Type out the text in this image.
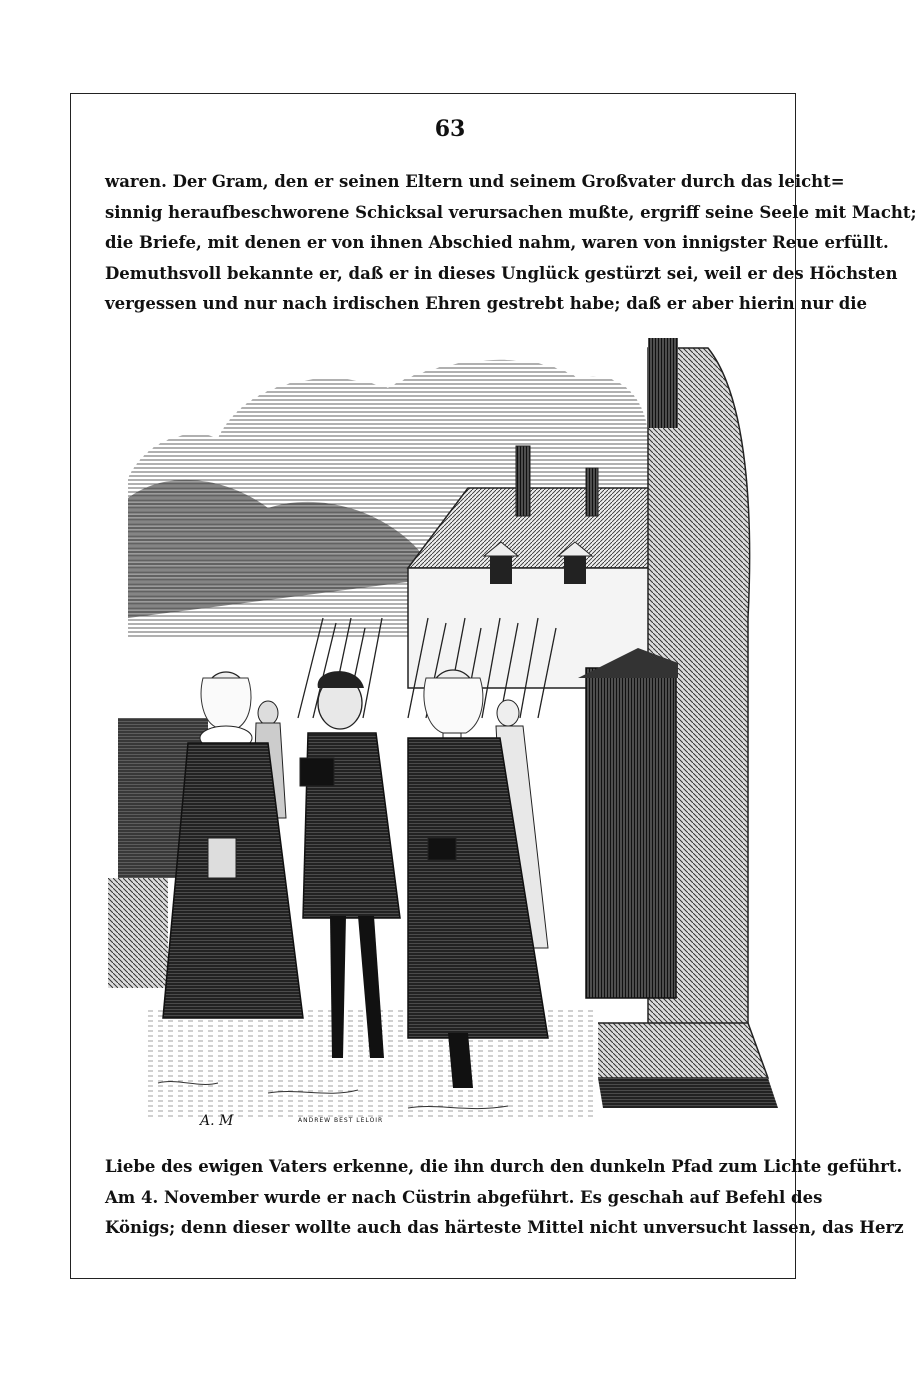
63
waren. Der Gram, den er seinen Eltern und seinem Großvater durch das leicht=
sinnig heraufbeschworene Schicksal verursachen mußte, ergriff seine Seele mit Macht;
die Briefe, mit denen er von ihnen Abschied nahm, waren von innigster Reue erfüllt.
Demuthsvoll bekannte er, daß er in dieses Unglück gestürzt sei, weil er des Höchsten
vergessen und nur nach irdischen Ehren gestrebt habe; daß er aber hierin nur die
A. M	ANDREW BEST LELOIR
Liebe des ewigen Vaters erkenne, die ihn durch den dunkeln Pfad zum Lichte geführt.
Am 4. November wurde er nach Cüstrin abgeführt. Es geschah auf Befehl des
Königs; denn dieser wollte auch das härteste Mittel nicht unversucht lassen, das Herz
